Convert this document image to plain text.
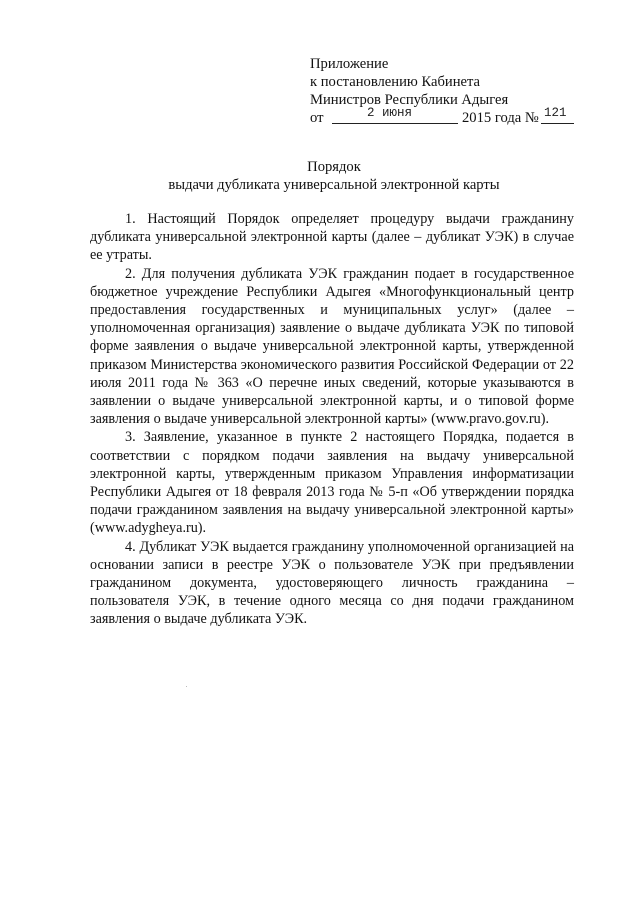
Приложение
к постановлению Кабинета
Министров Республики Адыгея
от	2 июня	2015 года № 121
Порядок
выдачи дубликата универсальной электронной карты

1. Настоящий Порядок определяет процедуру выдачи гражданину дубликата универсальной электронной карты (далее – дубликат УЭК) в случае ее утраты.

2. Для получения дубликата УЭК гражданин подает в государственное бюджетное учреждение Республики Адыгея «Многофункциональный центр предоставления государственных и муниципальных услуг» (далее – уполномоченная организация) заявление о выдаче дубликата УЭК по типовой форме заявления о выдаче универсальной электронной карты, утвержденной приказом Министерства экономического развития Российской Федерации от 22 июля 2011 года № 363 «О перечне иных сведений, которые указываются в заявлении о выдаче универсальной электронной карты, и о типовой форме заявления о выдаче универсальной электронной карты» (www.pravo.gov.ru).

3. Заявление, указанное в пункте 2 настоящего Порядка, подается в соответствии с порядком подачи заявления на выдачу универсальной электронной карты, утвержденным приказом Управления информатизации Республики Адыгея от 18 февраля 2013 года № 5-п «Об утверждении порядка подачи гражданином заявления на выдачу универсальной электронной карты» (www.adygheya.ru).

4. Дубликат УЭК выдается гражданину уполномоченной организацией на основании записи в реестре УЭК о пользователе УЭК при предъявлении гражданином документа, удостоверяющего личность гражданина – пользователя УЭК, в течение одного месяца со дня подачи гражданином заявления о выдаче дубликата УЭК.
